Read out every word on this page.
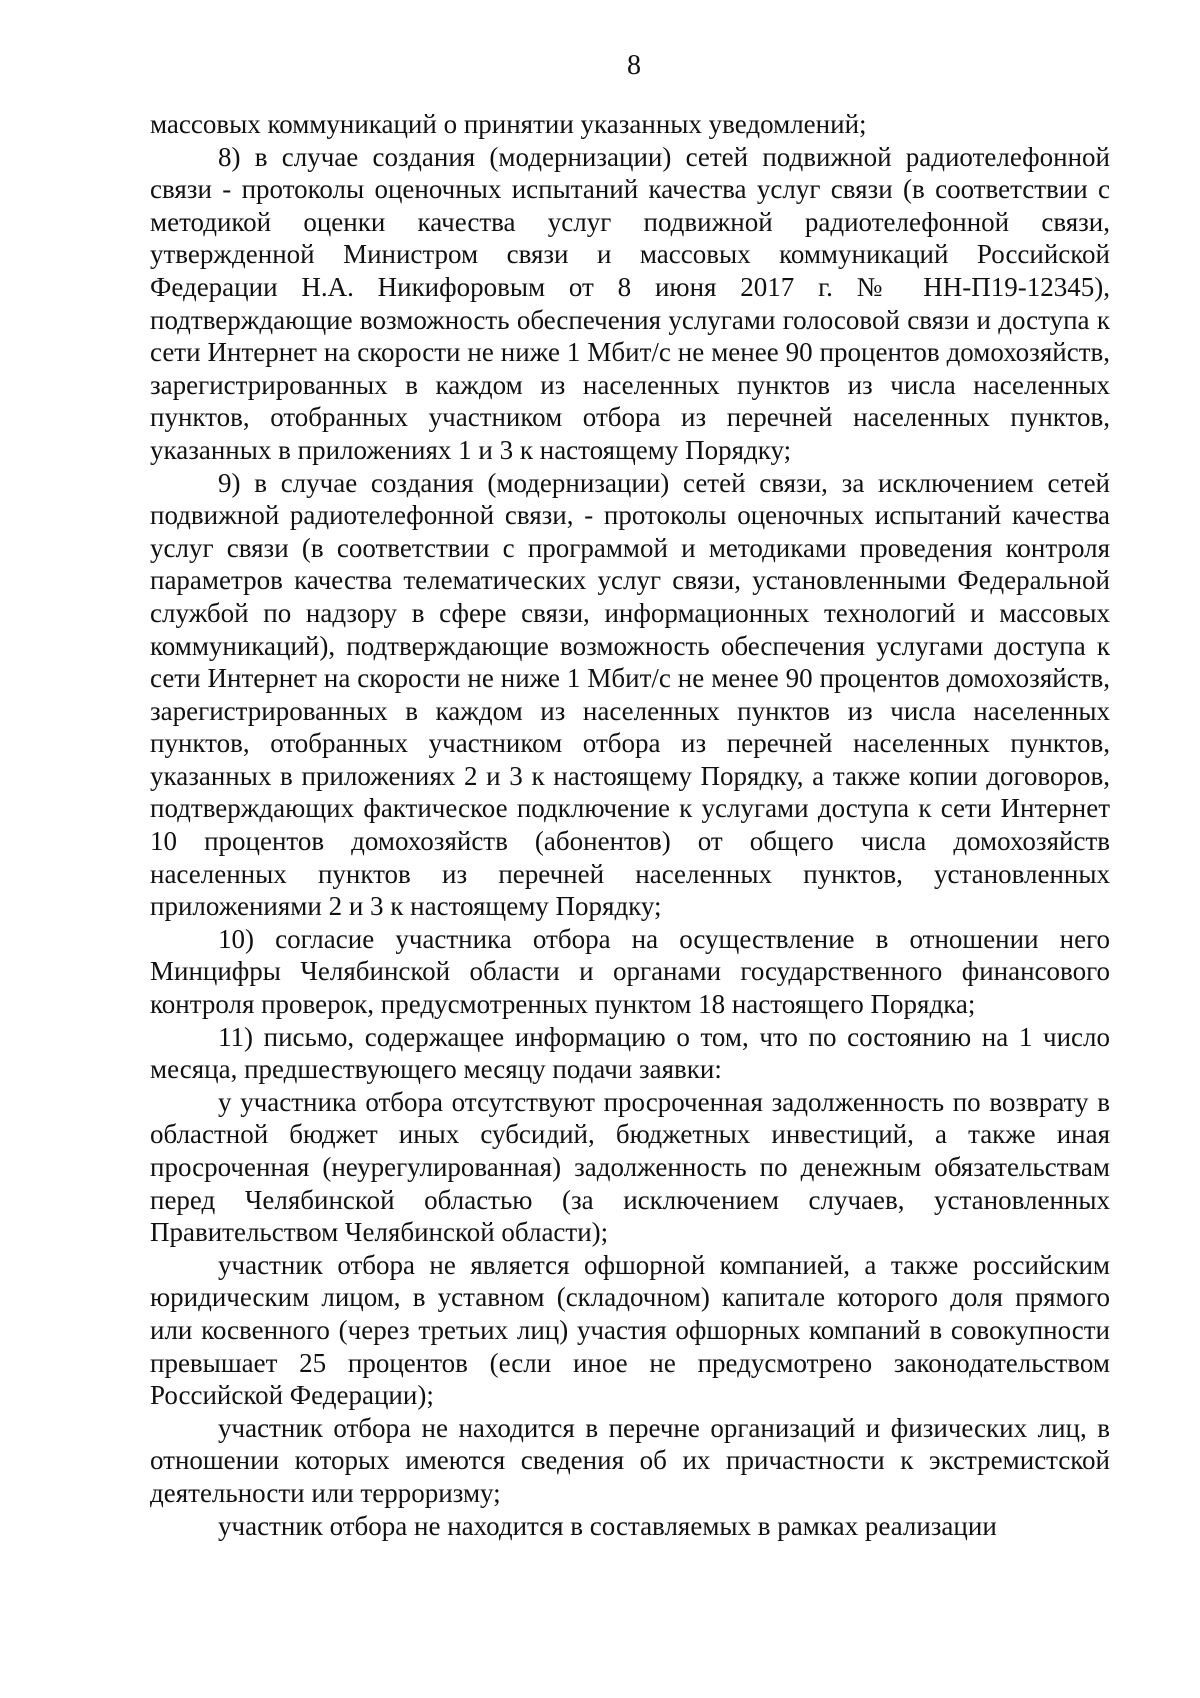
8

массовых коммуникаций о принятии указанных уведомлений;

8) в случае создания (модернизации) сетей подвижной радиотелефонной связи - протоколы оценочных испытаний качества услуг связи (в соответствии с методикой оценки качества услуг подвижной радиотелефонной связи, утвержденной Министром связи и массовых коммуникаций Российской Федерации Н.А. Никифоровым от 8 июня 2017 г. № НН-П19-12345), подтверждающие возможность обеспечения услугами голосовой связи и доступа к сети Интернет на скорости не ниже 1 Мбит/с не менее 90 процентов домохозяйств, зарегистрированных в каждом из населенных пунктов из числа населенных пунктов, отобранных участником отбора из перечней населенных пунктов, указанных в приложениях 1 и 3 к настоящему Порядку;

9) в случае создания (модернизации) сетей связи, за исключением сетей подвижной радиотелефонной связи, - протоколы оценочных испытаний качества услуг связи (в соответствии с программой и методиками проведения контроля параметров качества телематических услуг связи, установленными Федеральной службой по надзору в сфере связи, информационных технологий и массовых коммуникаций), подтверждающие возможность обеспечения услугами доступа к сети Интернет на скорости не ниже 1 Мбит/с не менее 90 процентов домохозяйств, зарегистрированных в каждом из населенных пунктов из числа населенных пунктов, отобранных участником отбора из перечней населенных пунктов, указанных в приложениях 2 и 3 к настоящему Порядку, а также копии договоров, подтверждающих фактическое подключение к услугами доступа к сети Интернет 10 процентов домохозяйств (абонентов) от общего числа домохозяйств населенных пунктов из перечней населенных пунктов, установленных приложениями 2 и 3 к настоящему Порядку;

10) согласие участника отбора на осуществление в отношении него Минцифры Челябинской области и органами государственного финансового контроля проверок, предусмотренных пунктом 18 настоящего Порядка;

11) письмо, содержащее информацию о том, что по состоянию на 1 число месяца, предшествующего месяцу подачи заявки:

у участника отбора отсутствуют просроченная задолженность по возврату в областной бюджет иных субсидий, бюджетных инвестиций, а также иная просроченная (неурегулированная) задолженность по денежным обязательствам перед Челябинской областью (за исключением случаев, установленных Правительством Челябинской области);

участник отбора не является офшорной компанией, а также российским юридическим лицом, в уставном (складочном) капитале которого доля прямого или косвенного (через третьих лиц) участия офшорных компаний в совокупности превышает 25 процентов (если иное не предусмотрено законодательством Российской Федерации);

участник отбора не находится в перечне организаций и физических лиц, в отношении которых имеются сведения об их причастности к экстремистской деятельности или терроризму;

участник отбора не находится в составляемых в рамках реализации
